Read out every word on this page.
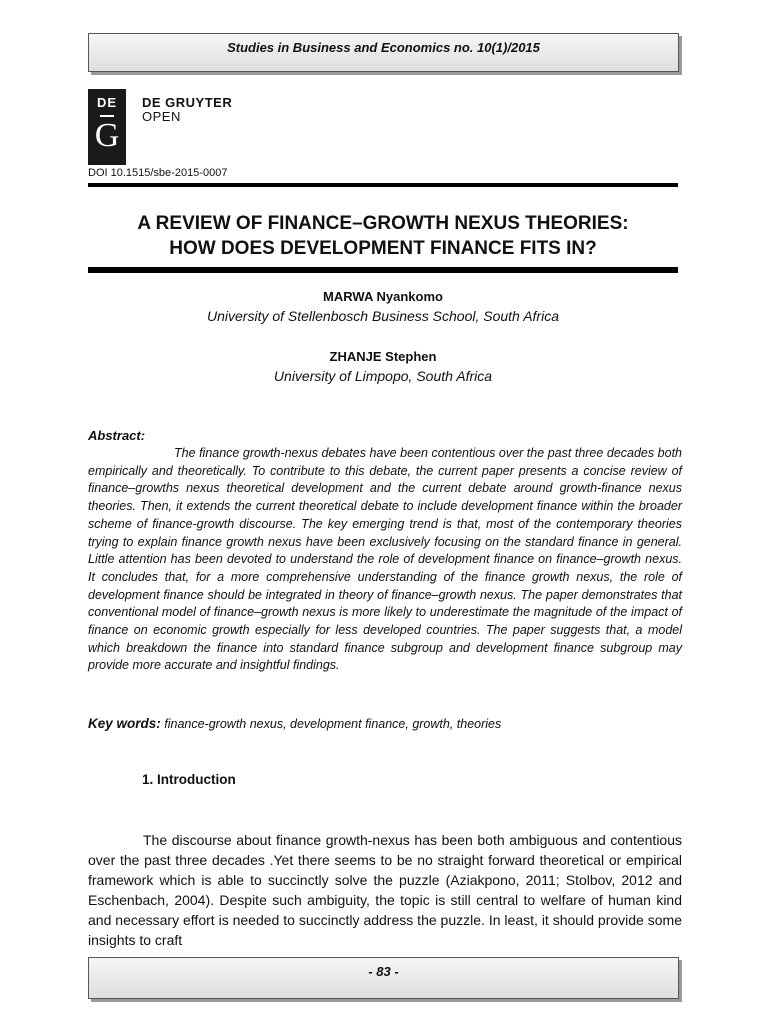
Studies in Business and Economics no. 10(1)/2015
DE
G
DE GRUYTER
OPEN
DOI 10.1515/sbe-2015-0007
A REVIEW OF FINANCE–GROWTH NEXUS THEORIES:
HOW DOES DEVELOPMENT FINANCE FITS IN?
MARWA Nyankomo
University of Stellenbosch Business School, South Africa
ZHANJE Stephen
University of Limpopo, South Africa
Abstract:

The finance growth-nexus debates have been contentious over the past three decades both empirically and theoretically. To contribute to this debate, the current paper presents a concise review of finance–growths nexus theoretical development and the current debate around growth-finance nexus theories. Then, it extends the current theoretical debate to include development finance within the broader scheme of finance-growth discourse. The key emerging trend is that, most of the contemporary theories trying to explain finance growth nexus have been exclusively focusing on the standard finance in general. Little attention has been devoted to understand the role of development finance on finance–growth nexus. It concludes that, for a more comprehensive understanding of the finance growth nexus, the role of development finance should be integrated in theory of finance–growth nexus. The paper demonstrates that conventional model of finance–growth nexus is more likely to underestimate the magnitude of the impact of finance on economic growth especially for less developed countries. The paper suggests that, a model which breakdown the finance into standard finance subgroup and development finance subgroup may provide more accurate and insightful findings.

Key words: finance-growth nexus, development finance, growth, theories
1. Introduction

The discourse about finance growth-nexus has been both ambiguous and contentious over the past three decades .Yet there seems to be no straight forward theoretical or empirical framework which is able to succinctly solve the puzzle (Aziakpono, 2011; Stolbov, 2012 and Eschenbach, 2004). Despite such ambiguity, the topic is still central to welfare of human kind and necessary effort is needed to succinctly address the puzzle. In least, it should provide some insights to craft

- 83 -
